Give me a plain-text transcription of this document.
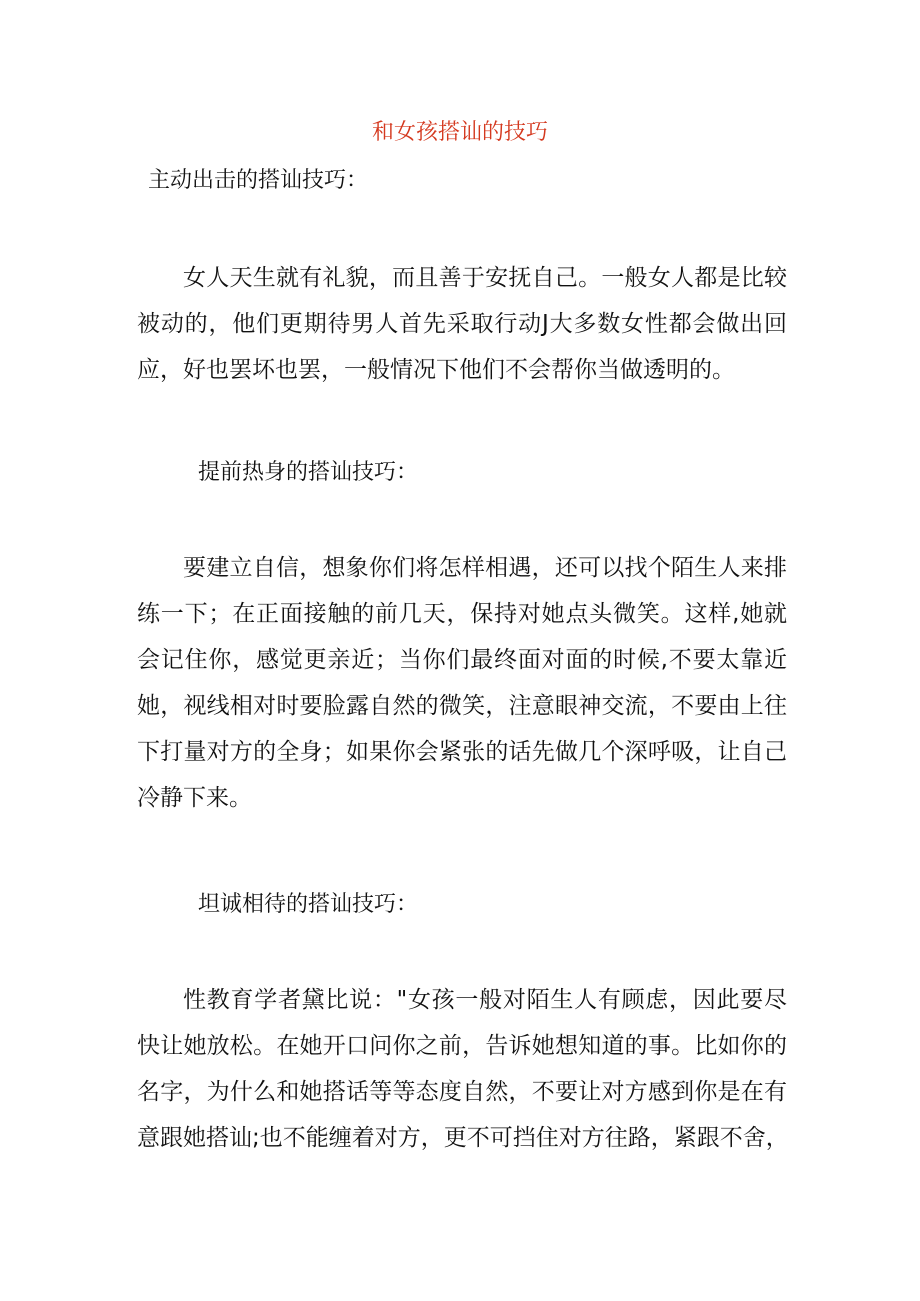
和女孩搭讪的技巧
主动出击的搭讪技巧：
女人天生就有礼貌，而且善于安抚自己。一般女人都是比较
被动的，他们更期待男人首先采取行动J大多数女性都会做出回
应，好也罢坏也罢，一般情况下他们不会帮你当做透明的。
提前热身的搭讪技巧：
要建立自信，想象你们将怎样相遇，还可以找个陌生人来排
练一下；在正面接触的前几天，保持对她点头微笑。这样,她就
会记住你，感觉更亲近；当你们最终面对面的时候,不要太靠近
她，视线相对时要脸露自然的微笑，注意眼神交流，不要由上往
下打量对方的全身；如果你会紧张的话先做几个深呼吸，让自己
冷静下来。
坦诚相待的搭讪技巧：
性教育学者黛比说："女孩一般对陌生人有顾虑，因此要尽
快让她放松。在她开口问你之前，告诉她想知道的事。比如你的
名字，为什么和她搭话等等态度自然，不要让对方感到你是在有
意跟她搭讪;也不能缠着对方，更不可挡住对方往路，紧跟不舍，
